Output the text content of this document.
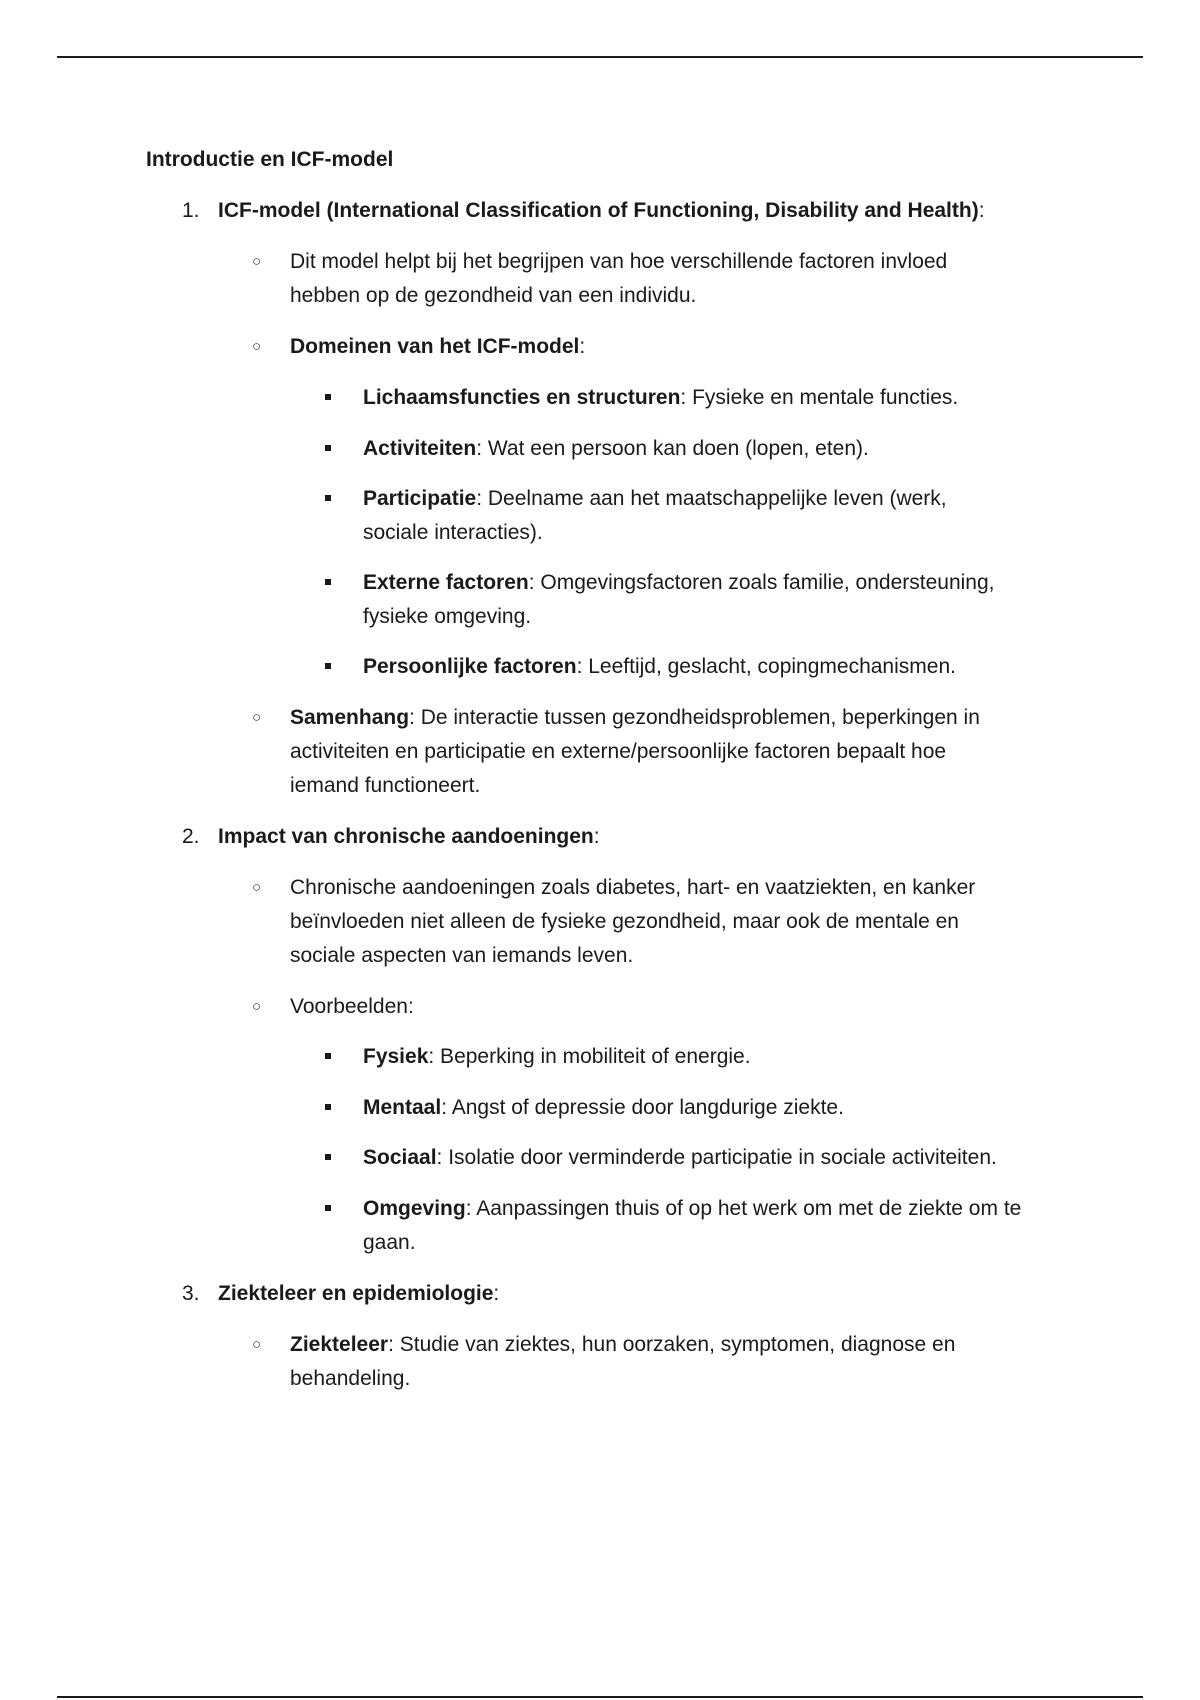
Introductie en ICF-model
1. ICF-model (International Classification of Functioning, Disability and Health):
○	Dit model helpt bij het begrijpen van hoe verschillende factoren invloed
hebben op de gezondheid van een individu.
○	Domeinen van het ICF-model:
Lichaamsfuncties en structuren: Fysieke en mentale functies.
Activiteiten: Wat een persoon kan doen (lopen, eten).
Participatie: Deelname aan het maatschappelijke leven (werk,
sociale interacties).
Externe factoren: Omgevingsfactoren zoals familie, ondersteuning,
fysieke omgeving.
Persoonlijke factoren: Leeftijd, geslacht, copingmechanismen.
○	Samenhang: De interactie tussen gezondheidsproblemen, beperkingen in
activiteiten en participatie en externe/persoonlijke factoren bepaalt hoe
iemand functioneert.
2. Impact van chronische aandoeningen:
○	Chronische aandoeningen zoals diabetes, hart- en vaatziekten, en kanker
beïnvloeden niet alleen de fysieke gezondheid, maar ook de mentale en
sociale aspecten van iemands leven.
○	Voorbeelden:
Fysiek: Beperking in mobiliteit of energie.
Mentaal: Angst of depressie door langdurige ziekte.
Sociaal: Isolatie door verminderde participatie in sociale activiteiten.
Omgeving: Aanpassingen thuis of op het werk om met de ziekte om te
gaan.
3. Ziekteleer en epidemiologie:
○	Ziekteleer: Studie van ziektes, hun oorzaken, symptomen, diagnose en
behandeling.
